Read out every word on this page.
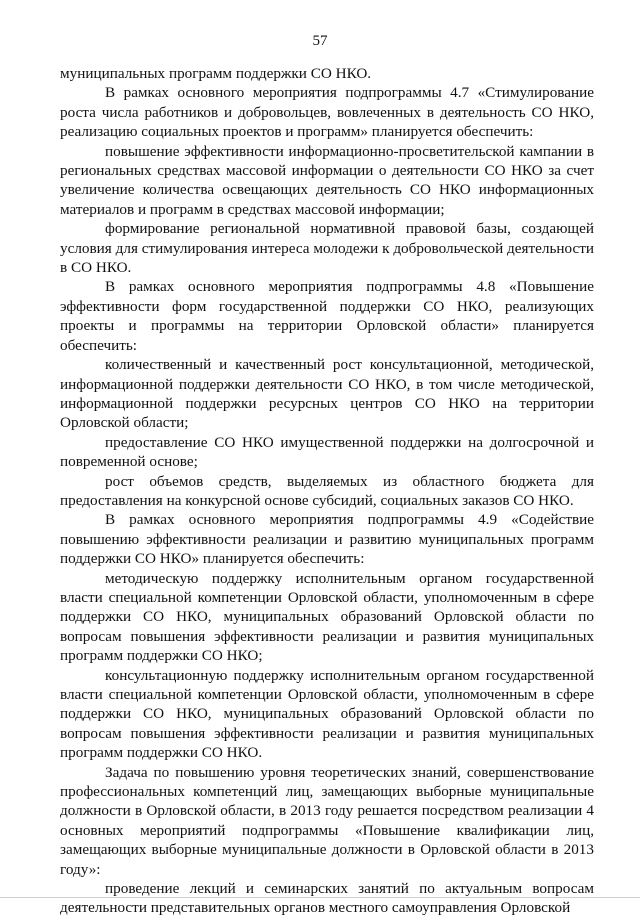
57

муниципальных программ поддержки СО НКО.

В рамках основного мероприятия подпрограммы 4.7 «Стимулирование роста числа работников и добровольцев, вовлеченных в деятельность СО НКО, реализацию социальных проектов и программ» планируется обеспечить:

повышение эффективности информационно-просветительской кампании в региональных средствах массовой информации о деятельности СО НКО за счет увеличение количества освещающих деятельность СО НКО информационных материалов и программ в средствах массовой информации;

формирование региональной нормативной правовой базы, создающей условия для стимулирования интереса молодежи к добровольческой деятельности в СО НКО.

В рамках основного мероприятия подпрограммы 4.8 «Повышение эффективности форм государственной поддержки СО НКО, реализующих проекты и программы на территории Орловской области» планируется обеспечить:

количественный и качественный рост консультационной, методической, информационной поддержки деятельности СО НКО, в том числе методической, информационной поддержки ресурсных центров СО НКО на территории Орловской области;

предоставление СО НКО имущественной поддержки на долгосрочной и повременной основе;

рост объемов средств, выделяемых из областного бюджета для предоставления на конкурсной основе субсидий, социальных заказов СО НКО.

В рамках основного мероприятия подпрограммы 4.9 «Содействие повышению эффективности реализации и развитию муниципальных программ поддержки СО НКО» планируется обеспечить:

методическую поддержку исполнительным органом государственной власти специальной компетенции Орловской области, уполномоченным в сфере поддержки СО НКО, муниципальных образований Орловской области по вопросам повышения эффективности реализации и развития муниципальных программ поддержки СО НКО;

консультационную поддержку исполнительным органом государственной власти специальной компетенции Орловской области, уполномоченным в сфере поддержки СО НКО, муниципальных образований Орловской области по вопросам повышения эффективности реализации и развития муниципальных программ поддержки СО НКО.

Задача по повышению уровня теоретических знаний, совершенствование профессиональных компетенций лиц, замещающих выборные муниципальные должности в Орловской области, в 2013 году решается посредством реализации 4 основных мероприятий подпрограммы «Повышение квалификации лиц, замещающих выборные муниципальные должности в Орловской области в 2013 году»:

проведение лекций и семинарских занятий по актуальным вопросам деятельности представительных органов местного самоуправления Орловской
